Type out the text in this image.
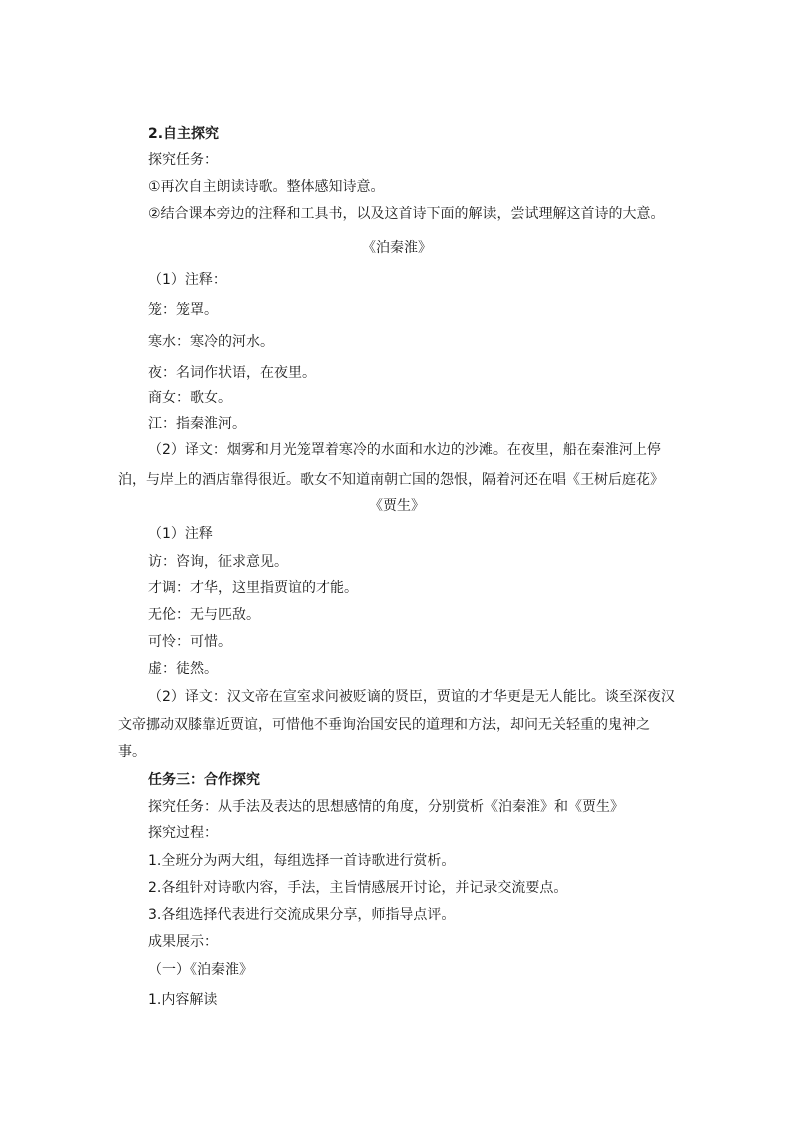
2.自主探究
探究任务：
①再次自主朗读诗歌。整体感知诗意。
②结合课本旁边的注释和工具书，以及这首诗下面的解读，尝试理解这首诗的大意。
《泊秦淮》
（1）注释：
笼：笼罩。
寒水：寒冷的河水。
夜：名词作状语，在夜里。
商女：歌女。
江：指秦淮河。
（2）译文：烟雾和月光笼罩着寒冷的水面和水边的沙滩。在夜里，船在秦淮河上停
泊，与岸上的酒店靠得很近。歌女不知道南朝亡国的怨恨，隔着河还在唱《王树后庭花》
《贾生》
（1）注释
访：咨询，征求意见。
才调：才华，这里指贾谊的才能。
无伦：无与匹敌。
可怜：可惜。
虚：徒然。
（2）译文：汉文帝在宣室求问被贬谪的贤臣，贾谊的才华更是无人能比。谈至深夜汉
文帝挪动双膝靠近贾谊，可惜他不垂询治国安民的道理和方法，却问无关轻重的鬼神之
事。
任务三：合作探究
探究任务：从手法及表达的思想感情的角度，分别赏析《泊秦淮》和《贾生》
探究过程：
1.全班分为两大组，每组选择一首诗歌进行赏析。
2.各组针对诗歌内容，手法，主旨情感展开讨论，并记录交流要点。
3.各组选择代表进行交流成果分享，师指导点评。
成果展示：
（一）《泊秦淮》
1.内容解读
